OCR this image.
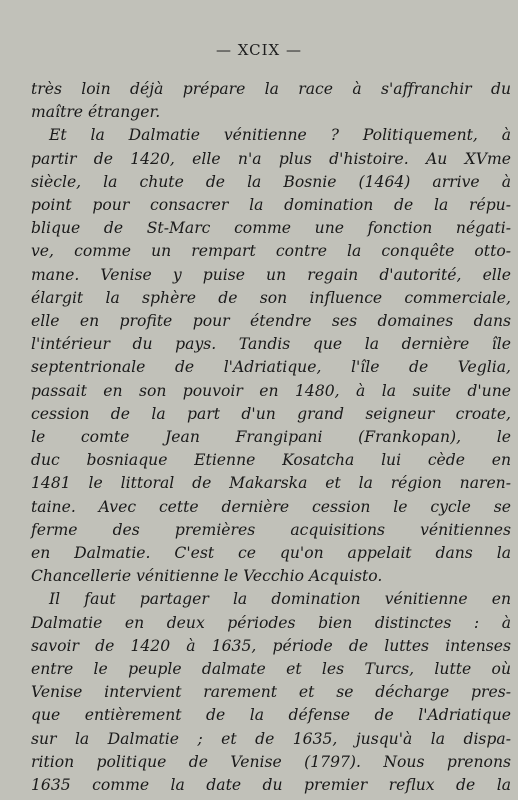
— XCIX —
très loin déjà prépare la race à s'affranchir du
maître étranger.
Et la Dalmatie vénitienne ? Politiquement, à
partir de 1420, elle n'a plus d'histoire. Au XVme
siècle, la chute de la Bosnie (1464) arrive à
point pour consacrer la domination de la répu-
blique de St-Marc comme une fonction négati-
ve, comme un rempart contre la conquête otto-
mane. Venise y puise un regain d'autorité, elle
élargit la sphère de son influence commerciale,
elle en profite pour étendre ses domaines dans
l'intérieur du pays. Tandis que la dernière île
septentrionale de l'Adriatique, l'île de Veglia,
passait en son pouvoir en 1480, à la suite d'une
cession de la part d'un grand seigneur croate,
le comte Jean Frangipani (Frankopan), le
duc bosniaque Etienne Kosatcha lui cède en
1481 le littoral de Makarska et la région naren-
taine. Avec cette dernière cession le cycle se
ferme des premières acquisitions vénitiennes
en Dalmatie. C'est ce qu'on appelait dans la
Chancellerie vénitienne le Vecchio Acquisto.
Il faut partager la domination vénitienne en
Dalmatie en deux périodes bien distinctes : à
savoir de 1420 à 1635, période de luttes intenses
entre le peuple dalmate et les Turcs, lutte où
Venise intervient rarement et se décharge pres-
que entièrement de la défense de l'Adriatique
sur la Dalmatie ; et de 1635, jusqu'à la dispa-
rition politique de Venise (1797). Nous prenons
1635 comme la date du premier reflux de la
